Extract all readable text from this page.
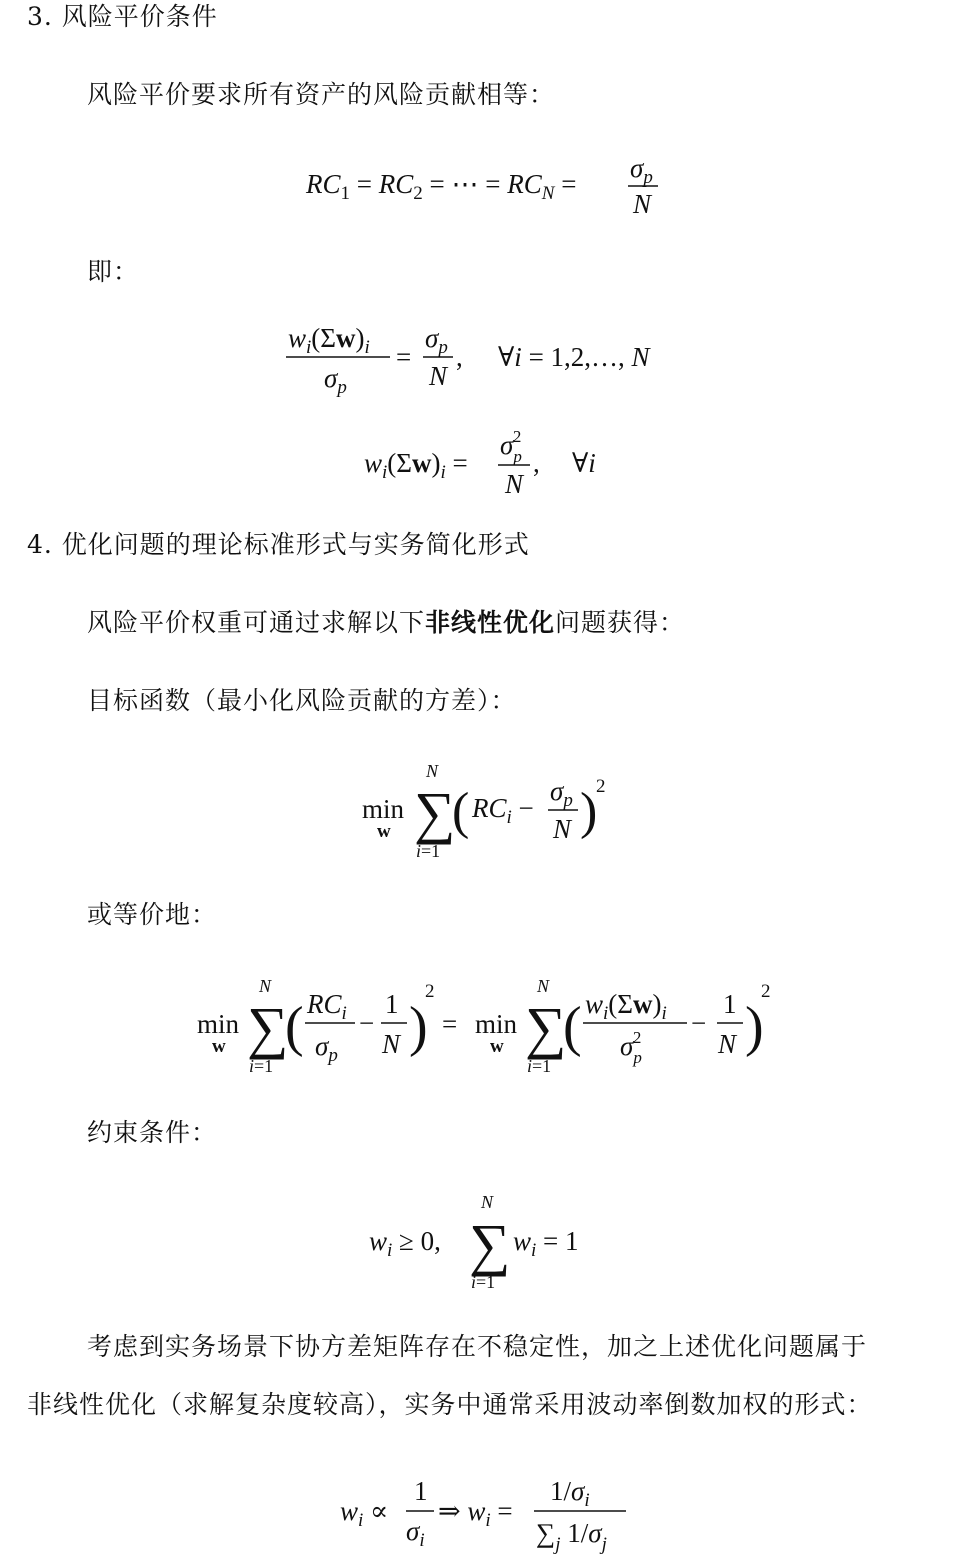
3. 风险平价条件
风险平价要求所有资产的风险贡献相等：
$RC_1 = RC_2$ = ⋯ = $RC_N$ =
$\sigma_p$
N
即：
$w_i(\Sigma w)_i$
$\sigma_p$
=
$\sigma_p$
N
, ∀i = 1,2,…, N
$w_i(\Sigma w)_i$ =
$\sigma_p2$
N
, ∀i
4. 优化问题的理论标准形式与实务简化形式
风险平价权重可通过求解以下非线性优化问题获得：
目标函数（最小化风险贡献的方差）：
min
w ∑
N
i=1
( $RC_i$ −
$\sigma_p$
N )
2
或等价地：
min
w ∑
N
i=1
( $RC_i$
$\sigma_p$
−
1
N )
2
= min
w ∑
N
i=1
( $w_i(\Sigma w)_i$
$\sigma_p2$ −
1
N )
2
约束条件：
$w_i \ge 0$, ∑
N
i=1
$w_i = 1$
考虑到实务场景下协方差矩阵存在不稳定性，加之上述优化问题属于
非线性优化（求解复杂度较高），实务中通常采用波动率倒数加权的形式：
$w_i$ ∝
1
$\sigma_i$
⇒ $w_i$ =
$1/\sigma_i$
$\sum_j$ $1/\sigma_j$
